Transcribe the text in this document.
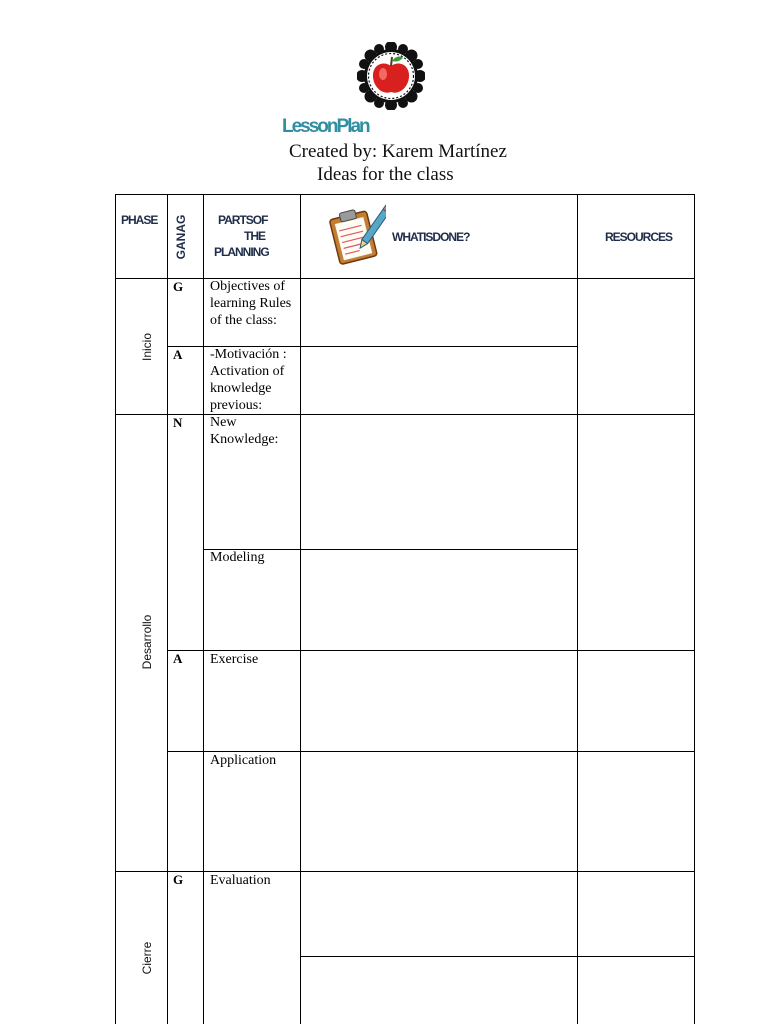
LessonPlan
Created by: Karem Martínez
Ideas for the class
PHASE GANAG	PARTSOF
THE
PLANNING
WHATISDONE?	RESOURCES
Inicio
Desarrollo
Cierre
G
A
N
A
G
Objectives of learning Rules of the class:
-Motivación : Activation of knowledge previous:
New Knowledge:
Modeling
Exercise
Application
Evaluation
